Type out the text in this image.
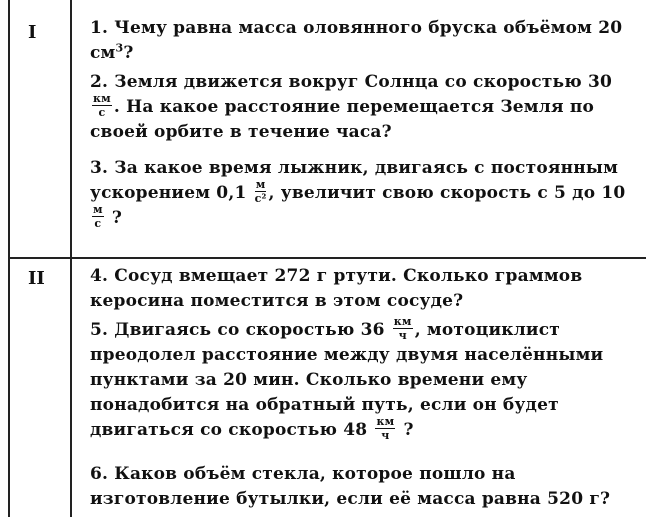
I
II
1. Чему равна масса оловянного бруска объёмом 20 $см^3$?
2. Земля движется вокруг Солнца со скоростью 30
$\frac{км}{с}$ . На какое расстояние перемещается Земля по своей орбите в течение часа?
3. За какое время лыжник, двигаясь с постоянным ускорением $0,1 \frac{м}{\text{с²}}$ , увеличит свою скорость с 5 до 10
$\frac{м}{с}$ ?
4. Сосуд вмещает 272 г ртути. Сколько граммов керосина поместится в этом сосуде?
5. Двигаясь со скоростью $36 \frac{км}{ч}$ , мотоциклист преодолел расстояние между двумя населёнными пунктами за 20 мин. Сколько времени ему понадобится на обратный путь, если он будет двигаться со скоростью $48 \frac{км}{ч}$ ?
6. Каков объём стекла, которое пошло на изготовление бутылки, если её масса равна 520 г?
